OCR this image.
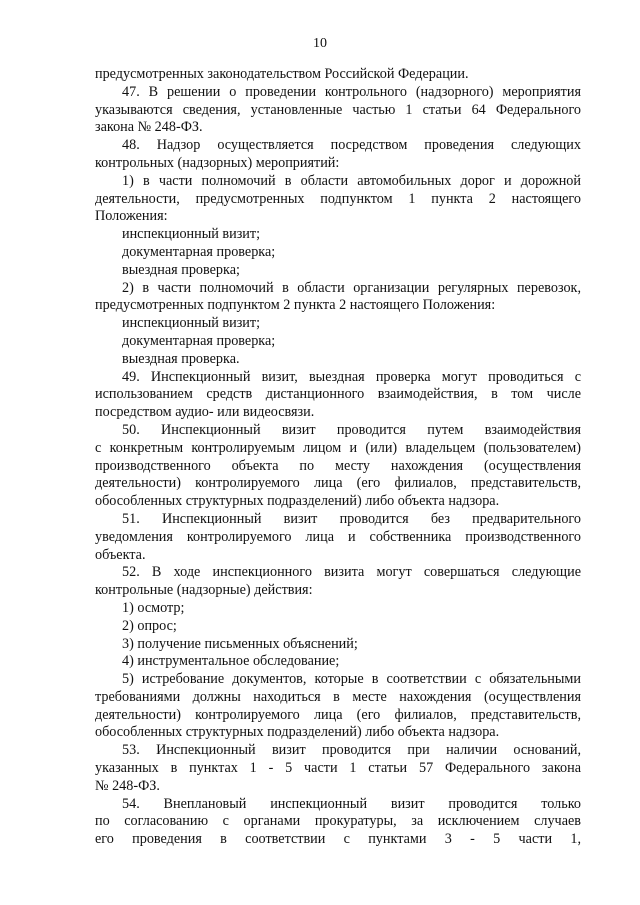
10
предусмотренных законодательством Российской Федерации.
47. В решении о проведении контрольного (надзорного) мероприятия
указываются сведения, установленные частью 1 статьи 64 Федерального
закона № 248-ФЗ.
48. Надзор осуществляется посредством проведения следующих
контрольных (надзорных) мероприятий:
1) в части полномочий в области автомобильных дорог и дорожной
деятельности, предусмотренных подпунктом 1 пункта 2 настоящего
Положения:
инспекционный визит;
документарная проверка;
выездная проверка;
2) в части полномочий в области организации регулярных перевозок,
предусмотренных подпунктом 2 пункта 2 настоящего Положения:
инспекционный визит;
документарная проверка;
выездная проверка.
49. Инспекционный визит, выездная проверка могут проводиться с
использованием средств дистанционного взаимодействия, в том числе
посредством аудио- или видеосвязи.
50. Инспекционный визит проводится путем взаимодействия
с конкретным контролируемым лицом и (или) владельцем (пользователем)
производственного объекта по месту нахождения (осуществления
деятельности) контролируемого лица (его филиалов, представительств,
обособленных структурных подразделений) либо объекта надзора.
51. Инспекционный визит проводится без предварительного
уведомления контролируемого лица и собственника производственного
объекта.
52. В ходе инспекционного визита могут совершаться следующие
контрольные (надзорные) действия:
1) осмотр;
2) опрос;
3) получение письменных объяснений;
4) инструментальное обследование;
5) истребование документов, которые в соответствии с обязательными
требованиями должны находиться в месте нахождения (осуществления
деятельности) контролируемого лица (его филиалов, представительств,
обособленных структурных подразделений) либо объекта надзора.
53. Инспекционный визит проводится при наличии оснований,
указанных в пунктах 1 - 5 части 1 статьи 57 Федерального закона
№ 248-ФЗ.
54. Внеплановый инспекционный визит проводится только
по согласованию с органами прокуратуры, за исключением случаев
его проведения в соответствии с пунктами 3 - 5 части 1,
